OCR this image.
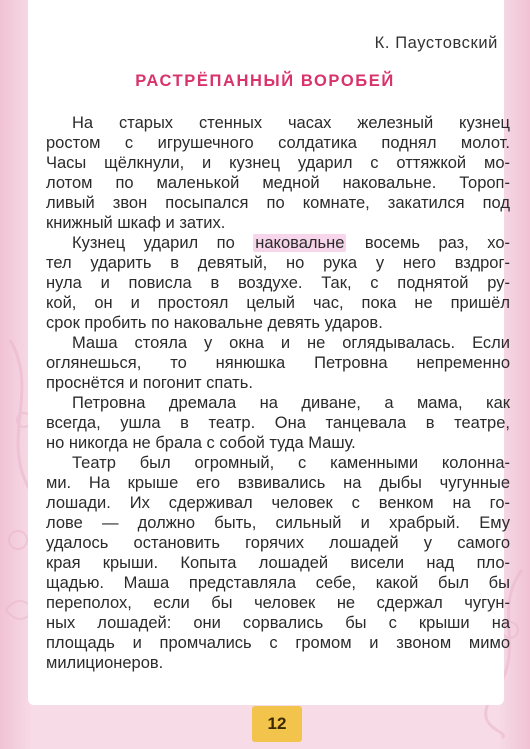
К. Паустовский
РАСТРЁПАННЫЙ ВОРОБЕЙ
На старых стенных часах железный кузнец
ростом с игрушечного солдатика поднял молот.
Часы щёлкнули, и кузнец ударил с оттяжкой мо-
лотом по маленькой медной наковальне. Тороп-
ливый звон посыпался по комнате, закатился под
книжный шкаф и затих.
Кузнец ударил по наковальне восемь раз, хо-
тел ударить в девятый, но рука у него вздрог-
нула и повисла в воздухе. Так, с поднятой ру-
кой, он и простоял целый час, пока не пришёл
срок пробить по наковальне девять ударов.
Маша стояла у окна и не оглядывалась. Если
оглянешься, то нянюшка Петровна непременно
проснётся и погонит спать.
Петровна дремала на диване, а мама, как
всегда, ушла в театр. Она танцевала в театре,
но никогда не брала с собой туда Машу.
Театр был огромный, с каменными колонна-
ми. На крыше его взвивались на дыбы чугунные
лошади. Их сдерживал человек с венком на го-
лове — должно быть, сильный и храбрый. Ему
удалось остановить горячих лошадей у самого
края крыши. Копыта лошадей висели над пло-
щадью. Маша представляла себе, какой был бы
переполох, если бы человек не сдержал чугун-
ных лошадей: они сорвались бы с крыши на
площадь и промчались с громом и звоном мимо
милиционеров.
12
